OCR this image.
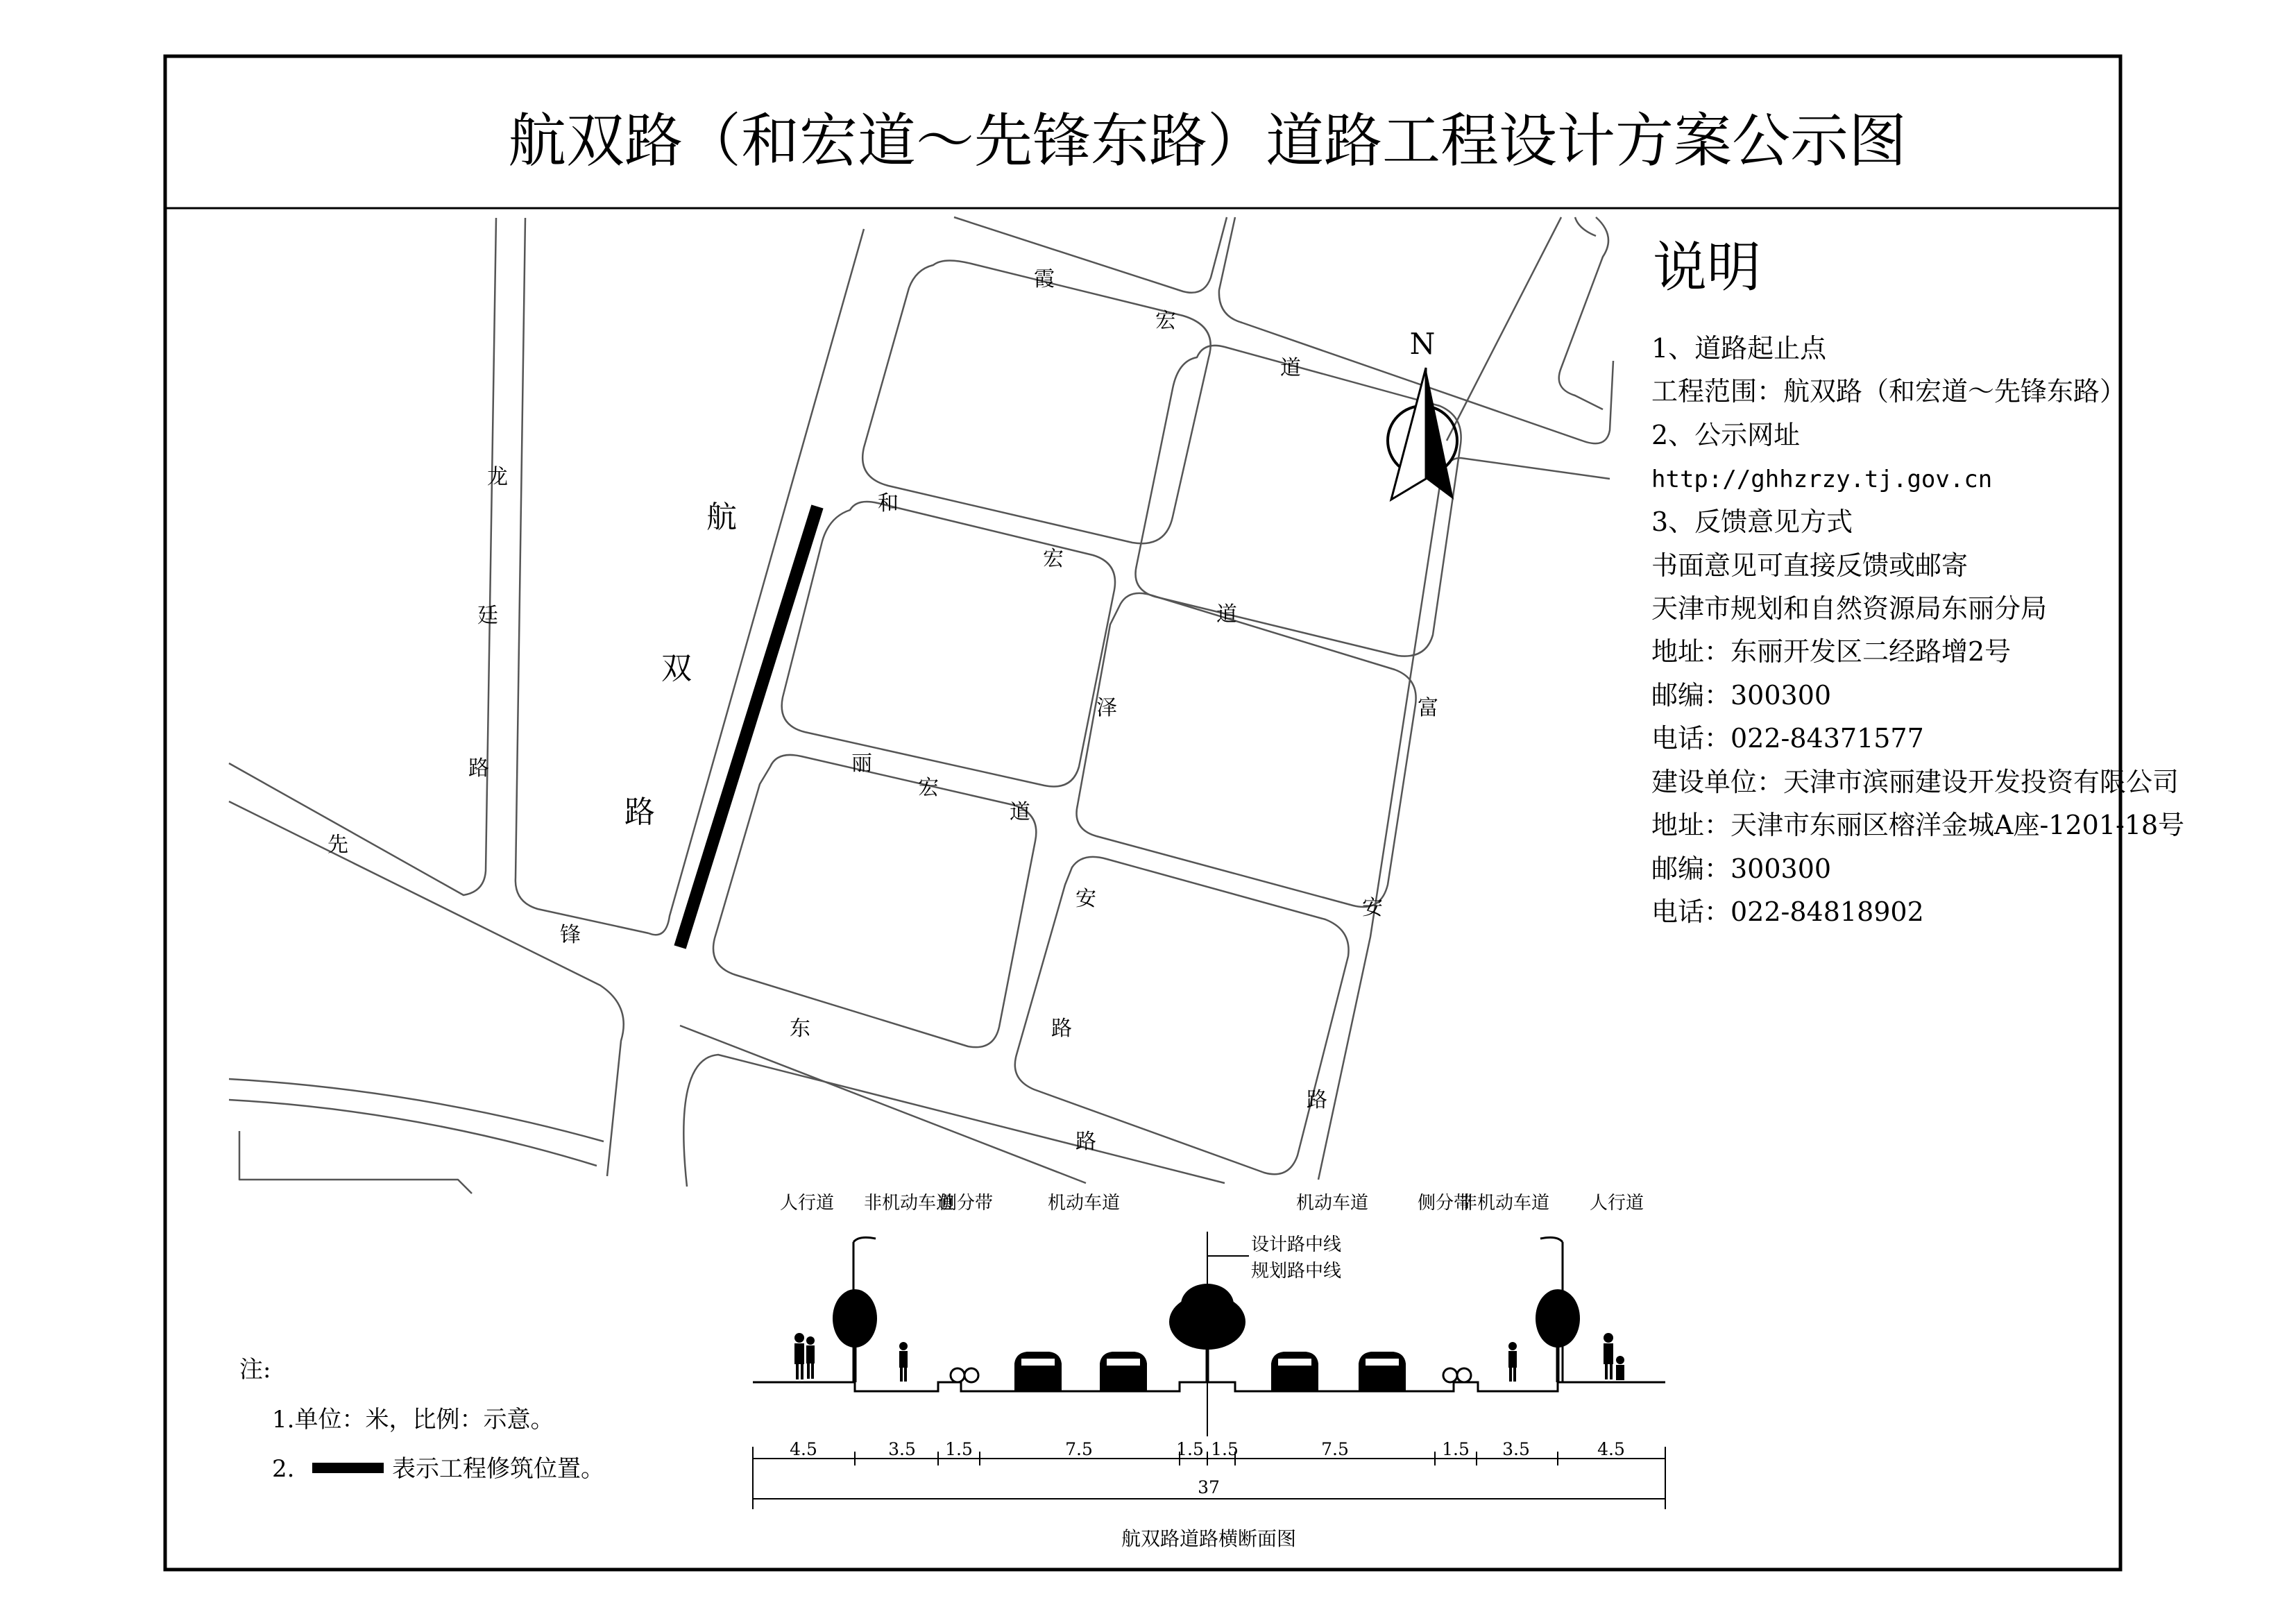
航双路（和宏道～先锋东路）道路工程设计方案公示图
航
双
路
龙
廷
路
先
锋
东
路
霞
宏
道
和
宏
道
丽
宏
道
泽
安
路
富
安
路
N
说明
1、道路起止点
工程范围：航双路（和宏道～先锋东路）
2、公示网址
http://ghhzrzy.tj.gov.cn
3、反馈意见方式
书面意见可直接反馈或邮寄
天津市规划和自然资源局东丽分局
地址：东丽开发区二经路增2号
邮编：300300
电话：022-84371577
建设单位：天津市滨丽建设开发投资有限公司
地址：天津市东丽区榕洋金城A座-1201-18号
邮编：300300
电话：022-84818902
注:
1.单位：米，比例：示意。
2.	表示工程修筑位置。
人行道 非机动车道
侧分带	机动车道	机动车道	侧分带
非机动车道 人行道
设计路中线
规划路中线
4.5	3.5 1.5	7.5	1.5 1.5	7.5	1.5 3.5	4.5
37
航双路道路横断面图
